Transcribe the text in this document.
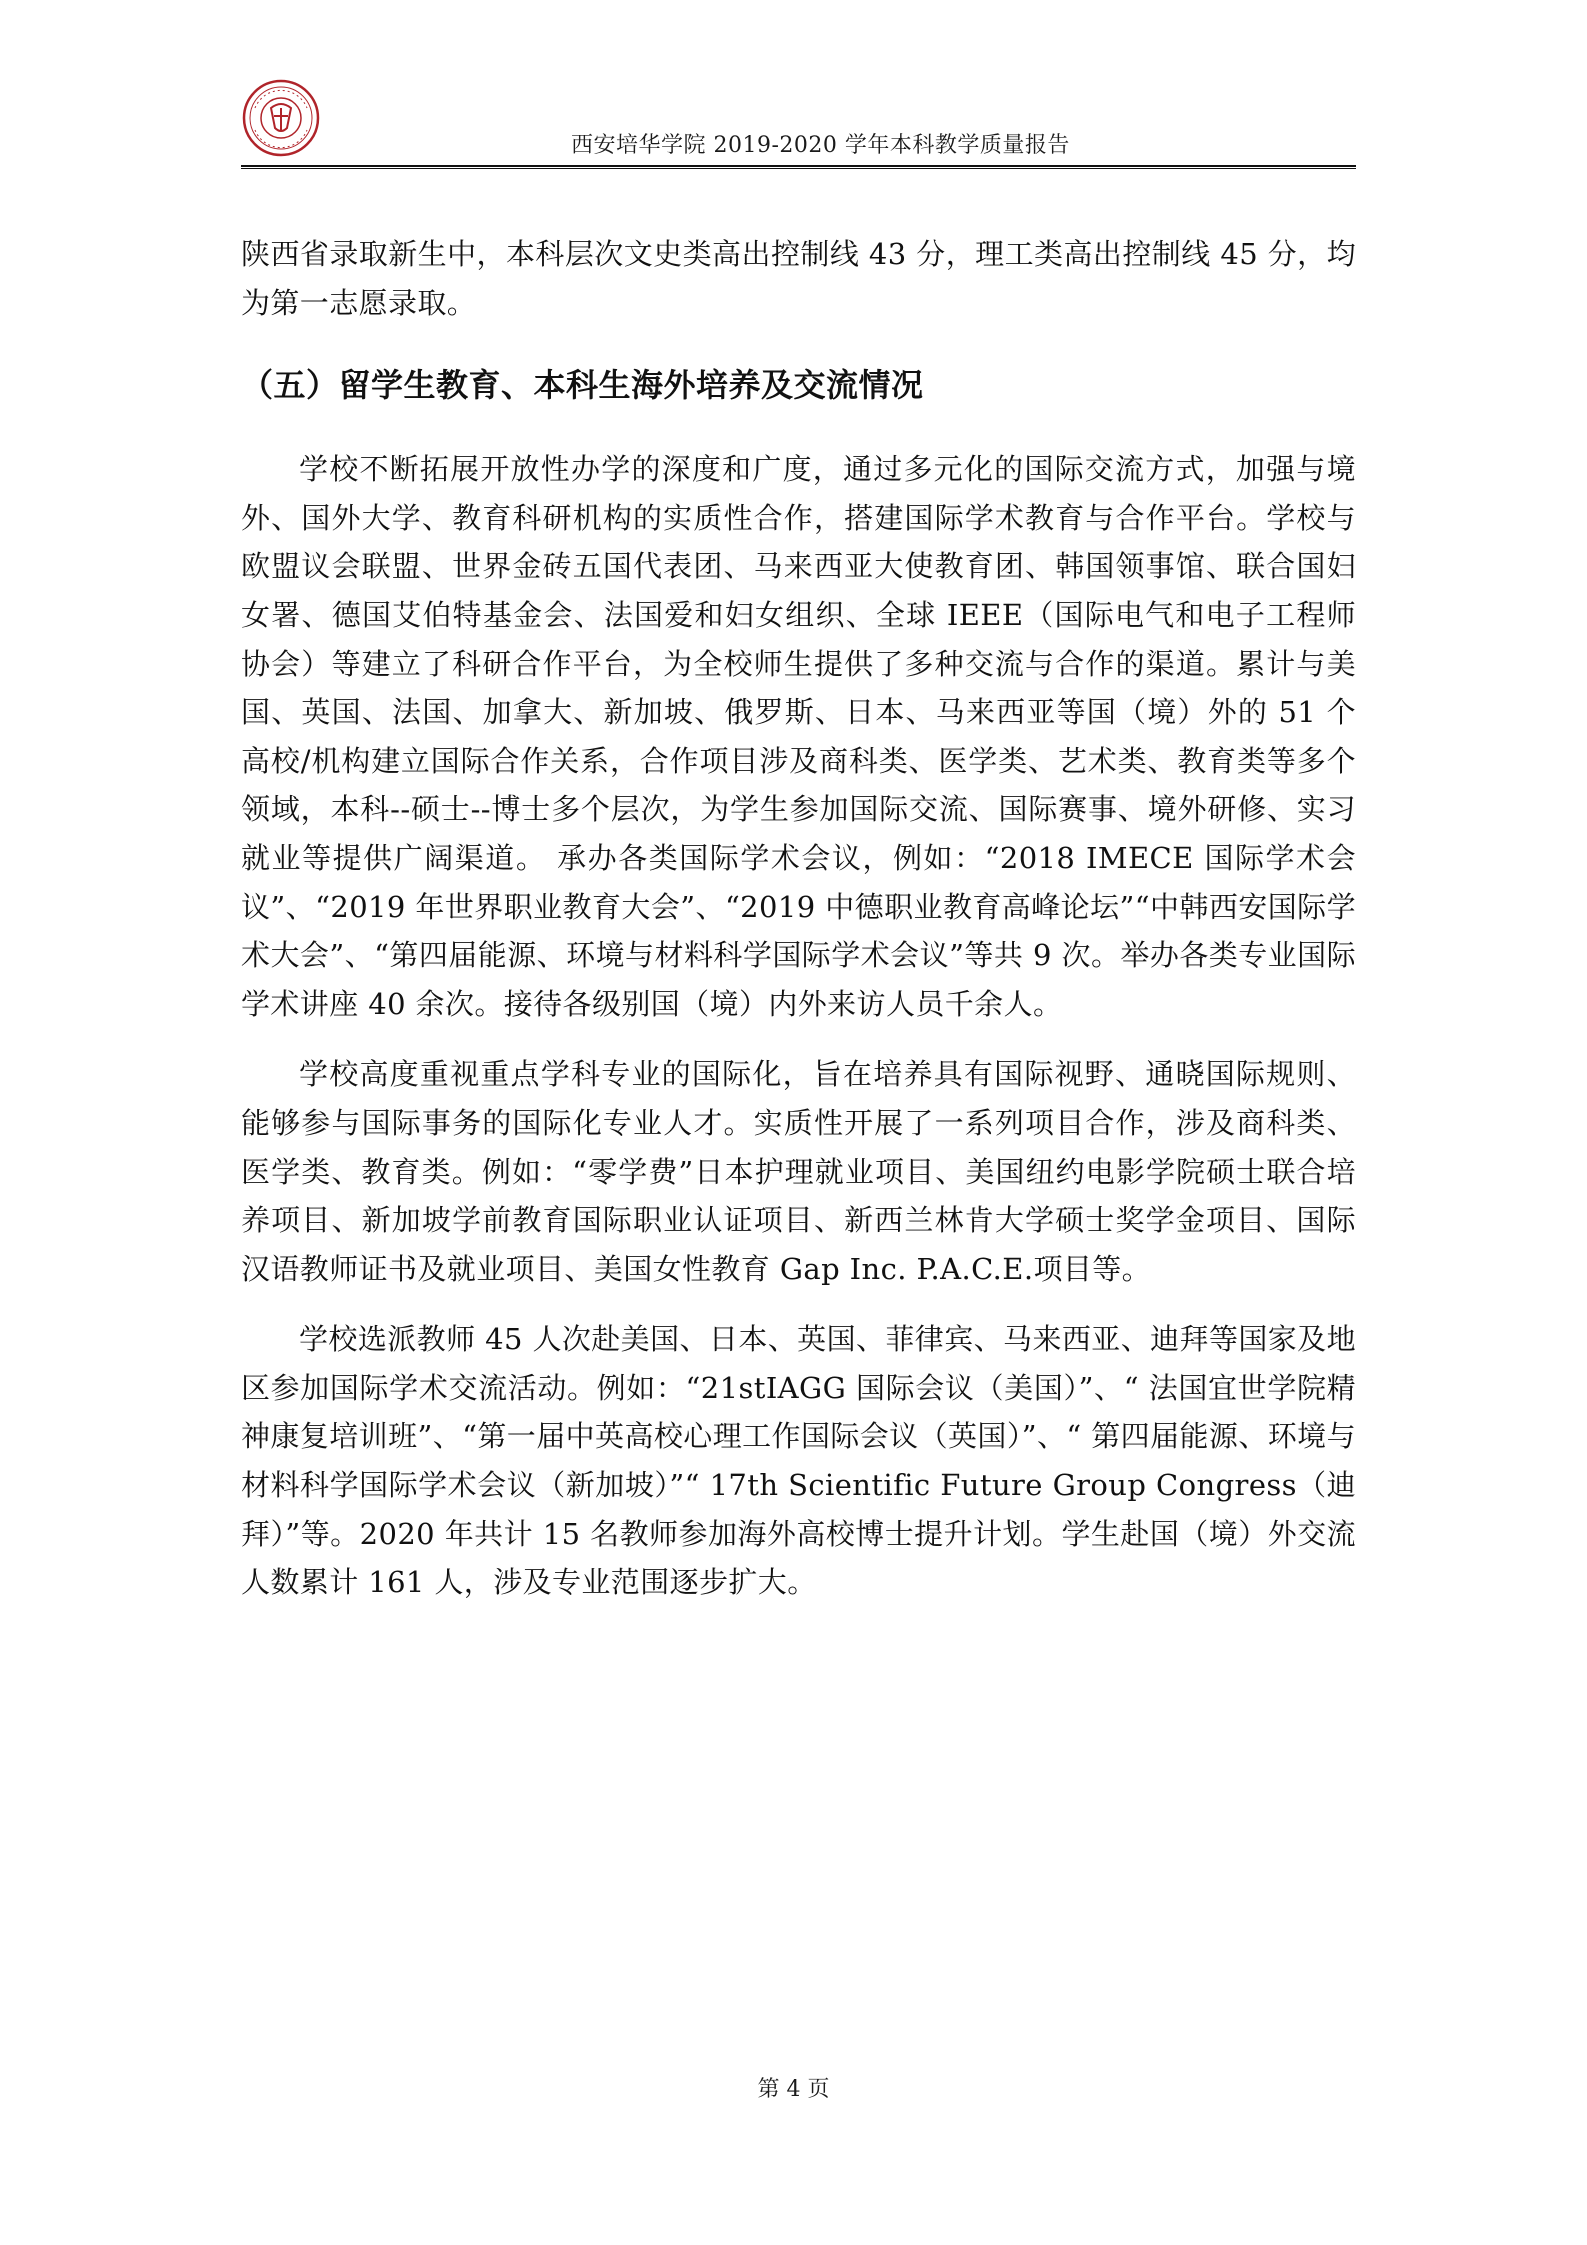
西安培华学院 2019-2020 学年本科教学质量报告

陕西省录取新生中，本科层次文史类高出控制线 43 分，理工类高出控制线 45 分，均为第一志愿录取。

（五）留学生教育、本科生海外培养及交流情况

学校不断拓展开放性办学的深度和广度，通过多元化的国际交流方式，加强与境外、国外大学、教育科研机构的实质性合作，搭建国际学术教育与合作平台。学校与欧盟议会联盟、世界金砖五国代表团、马来西亚大使教育团、韩国领事馆、联合国妇女署、德国艾伯特基金会、法国爱和妇女组织、全球 IEEE（国际电气和电子工程师协会）等建立了科研合作平台，为全校师生提供了多种交流与合作的渠道。累计与美国、英国、法国、加拿大、新加坡、俄罗斯、日本、马来西亚等国（境）外的 51 个高校/机构建立国际合作关系，合作项目涉及商科类、医学类、艺术类、教育类等多个领域，本科--硕士--博士多个层次，为学生参加国际交流、国际赛事、境外研修、实习就业等提供广阔渠道。 承办各类国际学术会议，例如：“2018 IMECE 国际学术会议”、“2019 年世界职业教育大会”、“2019 中德职业教育高峰论坛”“中韩西安国际学术大会”、“第四届能源、环境与材料科学国际学术会议”等共 9 次。举办各类专业国际学术讲座 40 余次。接待各级别国（境）内外来访人员千余人。

学校高度重视重点学科专业的国际化，旨在培养具有国际视野、通晓国际规则、能够参与国际事务的国际化专业人才。实质性开展了一系列项目合作，涉及商科类、医学类、教育类。例如：“零学费”日本护理就业项目、美国纽约电影学院硕士联合培养项目、新加坡学前教育国际职业认证项目、新西兰林肯大学硕士奖学金项目、国际汉语教师证书及就业项目、美国女性教育 Gap Inc. P.A.C.E.项目等。

学校选派教师 45 人次赴美国、日本、英国、菲律宾、马来西亚、迪拜等国家及地区参加国际学术交流活动。例如：“21stIAGG 国际会议（美国）”、“ 法国宜世学院精神康复培训班”、“第一届中英高校心理工作国际会议（英国）”、“ 第四届能源、环境与材料科学国际学术会议（新加坡）”“ 17th Scientific Future Group Congress（迪拜）”等。2020 年共计 15 名教师参加海外高校博士提升计划。学生赴国（境）外交流人数累计 161 人，涉及专业范围逐步扩大。

第 4 页
